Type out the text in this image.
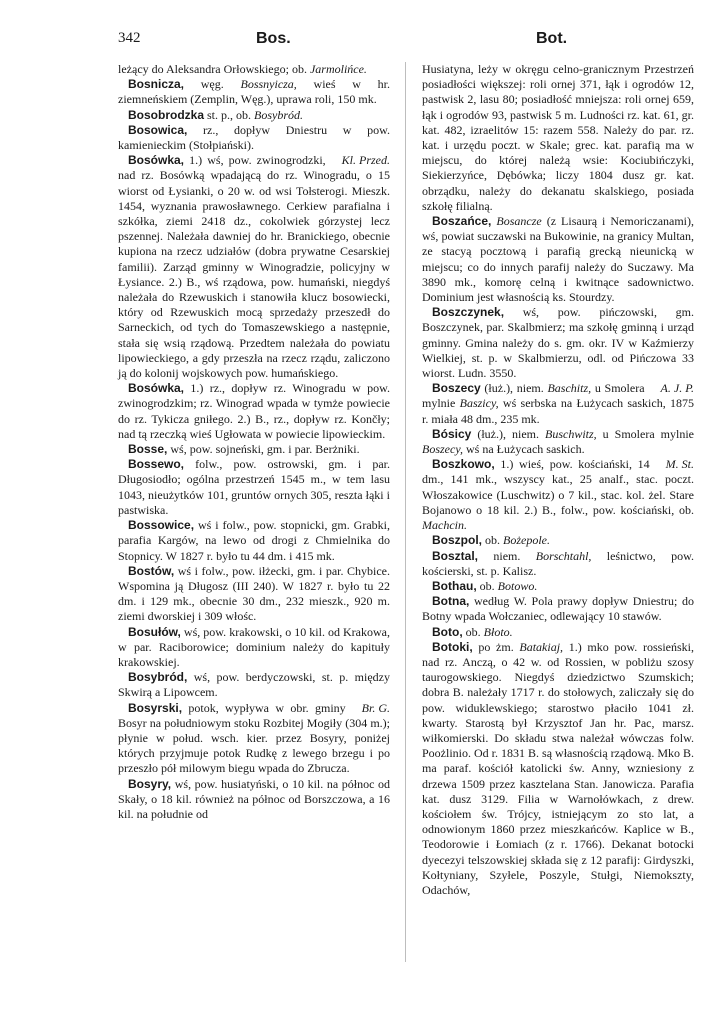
342	Bos.	Bot.

leżący do Aleksandra Orłowskiego; ob. Jarmolińce.

Bosnicza, węg. Bossnyicza, wieś w hr. ziemneńskiem (Zemplin, Węg.), uprawa roli, 150 mk.

Bosobrodzka st. p., ob. Bosybród.

Bosowica, rz., dopływ Dniestru w pow. kamienieckim (Stołpiański).

Kl. Przed.
Bosówka, 1.) wś, pow. zwinogrodzki, nad rz. Bosówką wpadającą do rz. Winogradu, o 15 wiorst od Łysianki, o 20 w. od wsi Tołsterogi. Mieszk. 1454, wyznania prawosławnego. Cerkiew parafialna i szkółka, ziemi 2418 dz., cokolwiek górzystej lecz pszennej. Należała dawniej do hr. Branickiego, obecnie kupiona na rzecz udziałów (dobra prywatne Cesarskiej familii). Zarząd gminny w Winogradzie, policyjny w Łysiance. 2.) B., wś rządowa, pow. humański, niegdyś należała do Rzewuskich i stanowiła klucz bosowiecki, który od Rzewuskich mocą sprzedaży przeszedł do Sarneckich, od tych do Tomaszewskiego a następnie, stała się wsią rządową. Przedtem należała do powiatu lipowieckiego, a gdy przeszła na rzecz rządu, zaliczono ją do kolonij wojskowych pow. humańskiego.

Bosówka, 1.) rz., dopływ rz. Winogradu w pow. zwinogrodzkim; rz. Winograd wpada w tymże powiecie do rz. Tykicza gniłego. 2.) B., rz., dopływ rz. Končły; nad tą rzeczką wieś Ugłowata w powiecie lipowieckim.

Bosse, wś, pow. sojneński, gm. i par. Berżniki.

Bossewo, folw., pow. ostrowski, gm. i par. Długosiodło; ogólna przestrzeń 1545 m., w tem lasu 1043, nieużytków 101, gruntów ornych 305, reszta łąki i pastwiska.

Bossowice, wś i folw., pow. stopnicki, gm. Grabki, parafia Kargów, na lewo od drogi z Chmielnika do Stopnicy. W 1827 r. było tu 44 dm. i 415 mk.

Bostów, wś i folw., pow. iłżecki, gm. i par. Chybice. Wspomina ją Długosz (III 240). W 1827 r. było tu 22 dm. i 129 mk., obecnie 30 dm., 232 mieszk., 920 m. ziemi dworskiej i 309 włośc.

Bosułów, wś, pow. krakowski, o 10 kil. od Krakowa, w par. Raciborowice; dominium należy do kapituły krakowskiej.

Bosybród, wś, pow. berdyczowski, st. p. między Skwirą a Lipowcem.

Br. G.
Bosyrski, potok, wypływa w obr. gminy Bosyr na południowym stoku Rozbitej Mogiły (304 m.); płynie w połud. wsch. kier. przez Bosyry, poniżej których przyjmuje potok Rudkę z lewego brzegu i po przeszło pół milowym biegu wpada do Zbrucza.

Bosyry, wś, pow. husiatyński, o 10 kil. na północ od Skały, o 18 kil. również na północ od Borszczowa, a 16 kil. na południe od

Husiatyna, leży w okręgu celno-granicznym Przestrzeń posiadłości większej: roli ornej 371, łąk i ogrodów 12, pastwisk 2, lasu 80; posiadłość mniejsza: roli ornej 659, łąk i ogrodów 93, pastwisk 5 m. Ludności rz. kat. 61, gr. kat. 482, izraelitów 15: razem 558. Należy do par. rz. kat. i urzędu poczt. w Skale; grec. kat. parafią ma w miejscu, do której należą wsie: Kociubińczyki, Siekierzyńce, Dębówka; liczy 1804 dusz gr. kat. obrządku, należy do dekanatu skalskiego, posiada szkołę filialną.

Boszańce, Bosancze (z Lisaurą i Nemoriczanami), wś, powiat suczawski na Bukowinie, na granicy Multan, ze stacyą pocztową i parafią grecką nieunicką w miejscu; co do innych parafij należy do Suczawy. Ma 3890 mk., komorę celną i kwitnące sadownictwo. Dominium jest własnością ks. Stourdzy.

Boszczynek, wś, pow. pińczowski, gm. Boszczynek, par. Skalbmierz; ma szkołę gminną i urząd gminny. Gmina należy do s. gm. okr. IV w Kaźmierzy Wielkiej, st. p. w Skalbmierzu, odl. od Pińczowa 33 wiorst. Ludn. 3550.

A. J. P.
Boszecy (łuż.), niem. Baschitz, u Smolera mylnie Baszicy, wś serbska na Łużycach saskich, 1875 r. miała 48 dm., 235 mk.

Bósicy (łuż.), niem. Buschwitz, u Smolera mylnie Boszecy, wś na Łużycach saskich.

M. St.
Boszkowo, 1.) wieś, pow. kościański, 14 dm., 141 mk., wszyscy kat., 25 analf., stac. poczt. Włoszakowice (Luschwitz) o 7 kil., stac. kol. żel. Stare Bojanowo o 18 kil. 2.) B., folw., pow. kościański, ob. Machcin.

Boszpol, ob. Bożepole.

Bosztal, niem. Borschtahl, leśnictwo, pow. kościerski, st. p. Kalisz.

Bothau, ob. Botowo.

Botna, według W. Pola prawy dopływ Dniestru; do Botny wpada Wołczaniec, odlewający 10 stawów.

Boto, ob. Błoto.

Botoki, po żm. Batakiaj, 1.) mko pow. rossieński, nad rz. Anczą, o 42 w. od Rossien, w pobliżu szosy taurogowskiego. Niegdyś dziedzictwo Szumskich; dobra B. należały 1717 r. do stołowych, zaliczały się do pow. widuklewskiego; starostwo płaciło 1041 zł. kwarty. Starostą był Krzysztof Jan hr. Pac, marsz. wiłkomierski. Do składu stwa należał wówczas folw. Poożlinio. Od r. 1831 B. są własnością rządową. Mko B. ma paraf. kościół katolicki św. Anny, wzniesiony z drzewa 1509 przez kasztelana Stan. Janowicza. Parafia kat. dusz 3129. Filia w Warnołówkach, z drew. kościołem św. Trójcy, istniejącym zo sto lat, a odnowionym 1860 przez mieszkańców. Kaplice w B., Teodorowie i Łomiach (z r. 1766). Dekanat botocki dyecezyi telszowskiej składa się z 12 parafij: Girdyszki, Kołtyniany, Szyłele, Poszyle, Stułgi, Niemokszty, Odachów,
